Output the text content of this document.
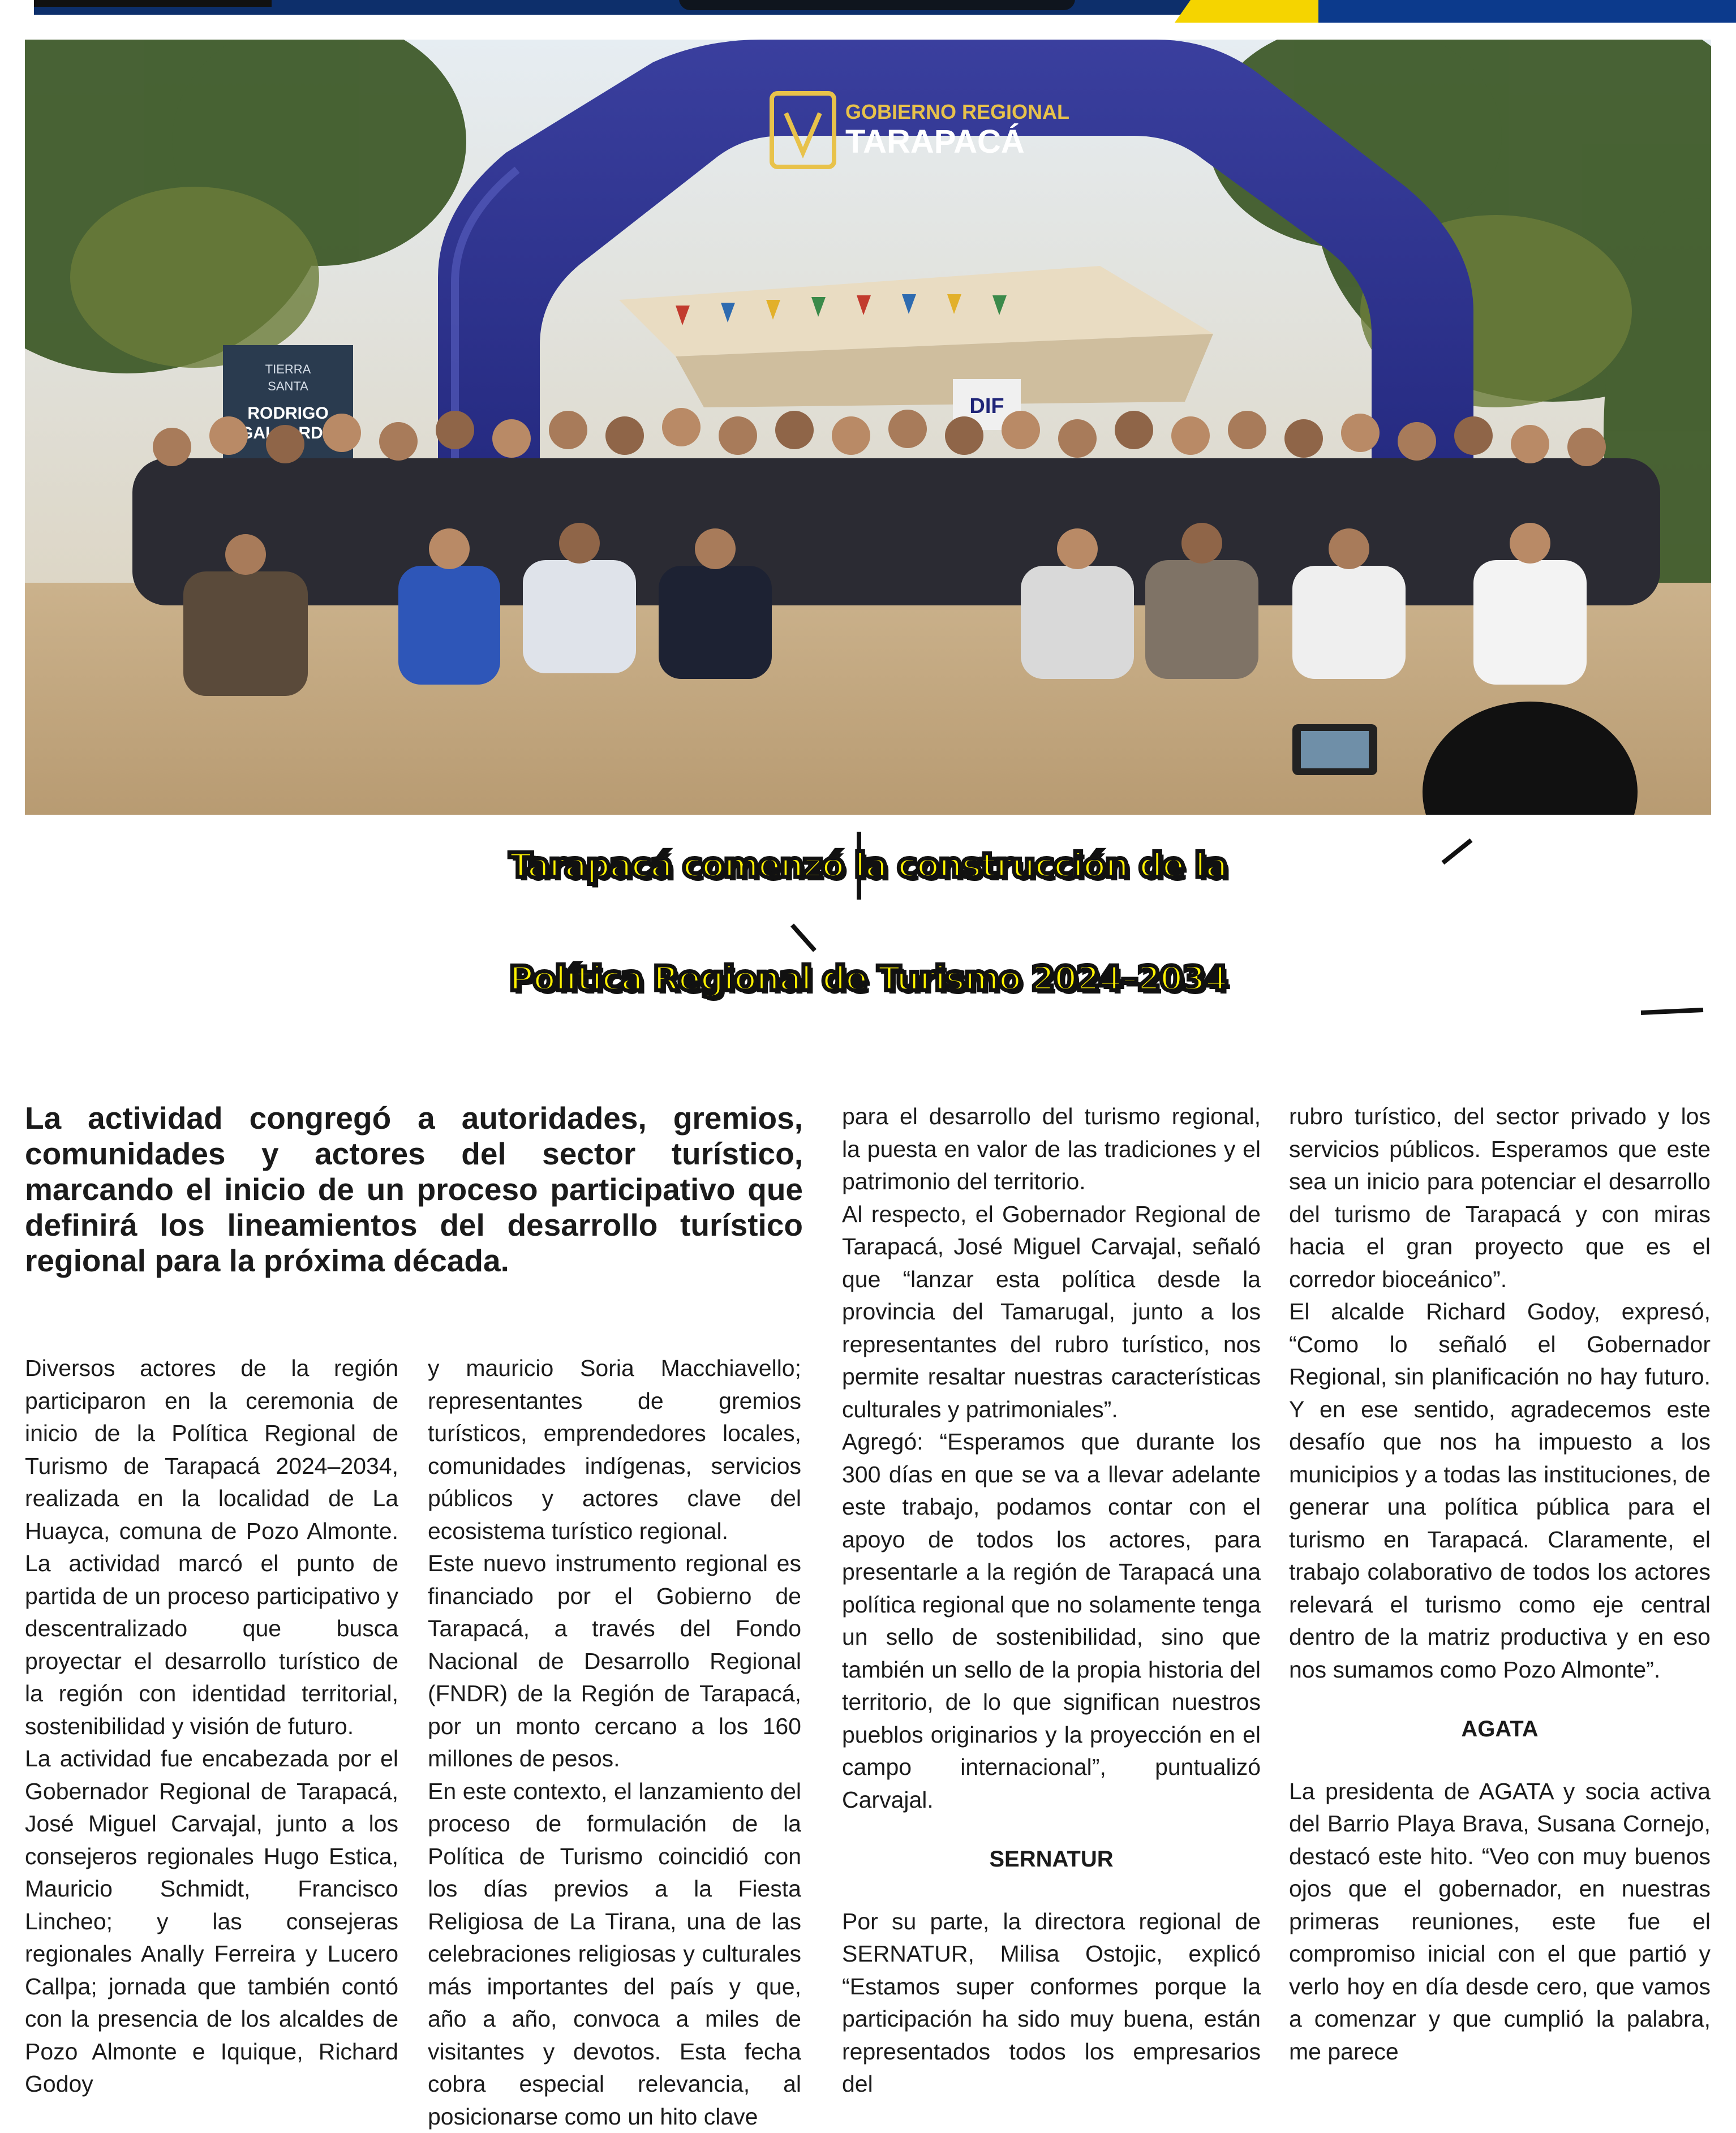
GOBIERNO REGIONAL
TARAPACÁ
TIERRA
SANTA
RODRIGO	DIF
Tarapacá comenzó la construcción de la
Política Regional de Turismo 2024–2034
La actividad congregó a autoridades, gremios, comunidades y actores del sector turístico, marcando el inicio de un proceso participativo que definirá los lineamientos del desarrollo turístico regional para la próxima década.

Diversos actores de la región participaron en la ceremonia de inicio de la Política Regional de Turismo de Tarapacá 2024–2034, realizada en la localidad de La Huayca, comuna de Pozo Almonte. La actividad marcó el punto de partida de un proceso participativo y descentralizado que busca proyectar el desarrollo turístico de la región con identidad territorial, sostenibilidad y visión de futuro.

La actividad fue encabezada por el Gobernador Regional de Tarapacá, José Miguel Carvajal, junto a los consejeros regionales Hugo Estica, Mauricio Schmidt, Francisco Lincheo; y las consejeras regionales Anally Ferreira y Lucero Callpa; jornada que también contó con la presencia de los alcaldes de Pozo Almonte e Iquique, Richard Godoy

y mauricio Soria Macchiavello; representantes de gremios turísticos, emprendedores locales, comunidades indígenas, servicios públicos y actores clave del ecosistema turístico regional.

Este nuevo instrumento regional es financiado por el Gobierno de Tarapacá, a través del Fondo Nacional de Desarrollo Regional (FNDR) de la Región de Tarapacá, por un monto cercano a los 160 millones de pesos.

En este contexto, el lanzamiento del proceso de formulación de la Política de Turismo coincidió con los días previos a la Fiesta Religiosa de La Tirana, una de las celebraciones religiosas y culturales más importantes del país y que, año a año, convoca a miles de visitantes y devotos. Esta fecha cobra especial relevancia, al posicionarse como un hito clave

para el desarrollo del turismo regional, la puesta en valor de las tradiciones y el patrimonio del territorio.

Al respecto, el Gobernador Regional de Tarapacá, José Miguel Carvajal, señaló que “lanzar esta política desde la provincia del Tamarugal, junto a los representantes del rubro turístico, nos permite resaltar nuestras características culturales y patrimoniales”.

Agregó: “Esperamos que durante los 300 días en que se va a llevar adelante este trabajo, podamos contar con el apoyo de todos los actores, para presentarle a la región de Tarapacá una política regional que no solamente tenga un sello de sostenibilidad, sino que también un sello de la propia historia del territorio, de lo que significan nuestros pueblos originarios y la proyección en el campo internacional”, puntualizó Carvajal.

SERNATUR

Por su parte, la directora regional de SERNATUR, Milisa Ostojic, explicó “Estamos super conformes porque la participación ha sido muy buena, están representados todos los empresarios del

rubro turístico, del sector privado y los servicios públicos. Esperamos que este sea un inicio para potenciar el desarrollo del turismo de Tarapacá y con miras hacia el gran proyecto que es el corredor bioceánico”.

El alcalde Richard Godoy, expresó, “Como lo señaló el Gobernador Regional, sin planificación no hay futuro. Y en ese sentido, agradecemos este desafío que nos ha impuesto a los municipios y a todas las instituciones, de generar una política pública para el turismo en Tarapacá. Claramente, el trabajo colaborativo de todos los actores relevará el turismo como eje central dentro de la matriz productiva y en eso nos sumamos como Pozo Almonte”.

AGATA

La presidenta de AGATA y socia activa del Barrio Playa Brava, Susana Cornejo, destacó este hito. “Veo con muy buenos ojos que el gobernador, en nuestras primeras reuniones, este fue el compromiso inicial con el que partió y verlo hoy en día desde cero, que vamos a comenzar y que cumplió la palabra, me parece
